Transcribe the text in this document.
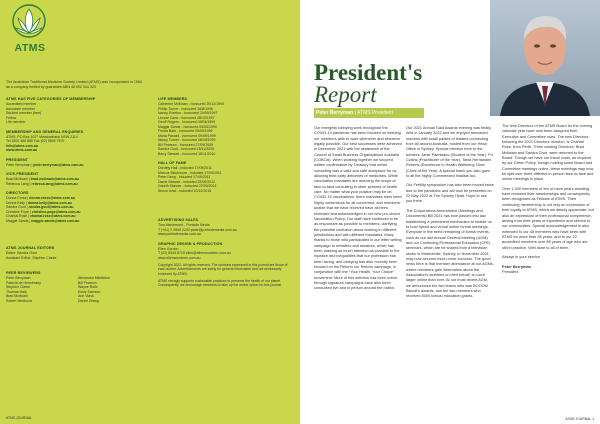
ATMS
The Australian Traditional-Medicine Society Limited (ATMS) was incorporated in 1984 as a company limited by guarantee ABN 48 002 344 323
ATMS HAS FIVE CATEGORIES OF MEMBERSHIP
Accredited member
Associate member
Student member (free)
Fellow
Life member
MEMBERSHIP AND GENERAL ENQUIRIES
ATMS, PO Box 1027 Meadowbank NSW 2114
Tel 1800 456 855 Fax (02) 9809 7570
info@atms.com.au
www.atms.com.au
PRESIDENT
Peter Berryman | peter.berryman@atms.com.au
VICE-PRESIDENT
Brad Mcllwain | brad.mcilwain@atms.com.au
Rebecca Lang | rebecca.lang@atms.com.au
DIRECTORS
Donna Cross | donna.cross@atms.com.au
Donna Kelly | donna.kelly@atms.com.au
Sandra Gout | sandra.gout@atms.com.au
Christine Pope | christine.pope@atms.com.au
Chantal Rose | chantal.rose@atms.com.au
Maggie Sands | maggie.sands@atms.com.au
ATMS JOURNAL EDITORS
Editor: Sandra Gout
Assistant Editor: Stephen Clarke
PEER REVIEWERS
Peter Berryman
Patricia de Hennessey
Stephen Clarke
Thomas Hale
Brad Mcllwain
Robert Medhurst
Alexandra Middleton
Bill Pearson
Wayne Rollo
Emily Samson
Ann Vlass
Daniel Zhang
LIFE MEMBERS
Catherine McEwan - honoured 20/12/1994
Phillip Turner - honoured 16/8/1996
Nancy Everton - honoured 20/09/1997
Lenore Cane - honoured 28/10/1997
Geoff Rogers - honoured 09/04/1999
Maggie Sands - honoured 05/05/1999
Frieda Bath - honoured 09/09/1999
Maria Pasaini - honoured 09/09/1999
Nancy Turner - honoured 08/09/1999
Bill Pearson - honoured 27/09/2005
Sandra Gout - honoured 18/11/2009
Barry Stewart - honoured 18/11/2010
HALL OF FAME
Dorothy Hall - inducted 17/09/2011
Marcus Blackmore - inducted 17/09/2011
Peter Deng - inducted 17/09/2011
Dame Stewart - inducted 22/09/2012
Gareth Skinner - inducted 22/09/2013
Simon Ichol - inducted 10/12/2015
ADVERTISING SALES
Tom Marchmont - Portside Media
T (+61) 2 9999 2233 peter@portsidemedia.com.au
www.portsidemedia.com.au
GRAPHIC DESIGN & PRODUCTION
Ellen Gordon
T (02) 8544 8715 ellen@ellenwoodeen.com.au
www.ellenwoodeen.com.au
Copyright 2022. All rights reserved. The opinions expressed in this journal are those of each author. Advertisements are solely for general information and not necessarily endorsed by ATMS.
ATMS strongly supports sustainable practices to preserve the health of our planet. Consequently, we encourage members to take up the online option for this journal.
ATMS JOURNAL
President's
Report
Peter Berryman | ATMS President

Our energetic lobbying work throughout the COVID-19 pandemic has been focused on keeping our members able to work whenever and wherever legally possible. Our best successes were achieved in December 2021 with the assistance of the Council of Small Business Organisations Australia (COBOA). When working together we secured written confirmation by Treasury that online consulting was a valid and safe workplace for us, allowing third party deliveries of medicines. While vaccination mandates are reducing the scope of face-to-face consulting in other spheres of health care. No matter what your position may be on COVID-19 vaccinations, there mandates have been highly contentious for all concerned, and members' unable that we have received have all been reviewed and acknowledged in our new pro-choice Vaccination Policy. Our staff have continued to be as responsive as possible to members, clarifying the potential confusion about working in different jurisdictions and with different mandates. Many thanks to those who participated in our letter writing campaign to ministers and senators, which has been drawing as much attention as possible to the injustice and inequalities that our profession has been facing, and lobbying has also recently been focused on the Reform our Reform campaign, in conjunction with the "Your Health, Your Choice" movement. More of this activism has been online, through signature campaigns have also been conducted live and in person around the nation.

Our 2021 Annual Gala Awards evening was finally held in January 2022 and we enjoyed renowned success with small parties of leaders connecting from all around Australia, hosted from our Head Office in Sydney. Special mention here to the winners: Janie Palmisano (Student of the Year), Pri Collins (Practitioner of the Year), Tania Hernandez Roberts (Excellence in Health Wellbeing Clinic (Clinic of the Year). A special thank you also goes to all the highly Commended finalists too.

Our Fertility symposium has also been moved twice due to the pandemic and will now be presented on 22 May 2022 at The Sydney Hyatt. Hope to see you there.

The Corporations Amendment (Meetings and Documents) Bill 2021 has now passed into law, establishing a permanent mechanism to enable us to hold hybrid and virtual online formal meetings. Everyone in the need remaining of formal events, such as our last Annual General Meeting (AGM) and our Continuing Professional Education (CPE) seminars, which are be shared from a television studio in Marrickville, Sydney, in November 2021, may now become much more common. The good news here is that member attendance at our AGMs, where members gain information about the Association's activities on their behalf, is much larger online than ever. At our most recent AGM, we announced the two teams who was BOOOM Biscuit's awards, and the two members who received 5000 bonus/ education grants.

The time Directors of the ATMS Board for the coming calendar year have now been assigned their Executive and Committee roles. The new Directors following the 2021 Directors' election, is Chantal Rose, from Perth. Three existing Directors, Brad Mcllwain and Sandra Gout, were returned to the Board. Though we have our travel costs, as required by our Green Policy, though holding some Board and Committee meetings online, these meetings may now be split over three different in-person face-to-face and online meetings in place.

Over 1,000 members of ten or more years standing have renewed their memberships and consequently been recognised as Fellows of ATMS. Their continuing membership is not only an expression of their loyalty to ATMS, which we deeply appreciate, but also an expression of their professional competence, arising from their years of experience and service to our communities. Special acknowledgement is also extended to our 48 members who have been with ATMS for more than 35 years, and to our 22 accredited members over 85 years of age who are still in practice. Well done to all of them.

Always in your service

Peter Berryman
President
ATMS JOURNAL 1
